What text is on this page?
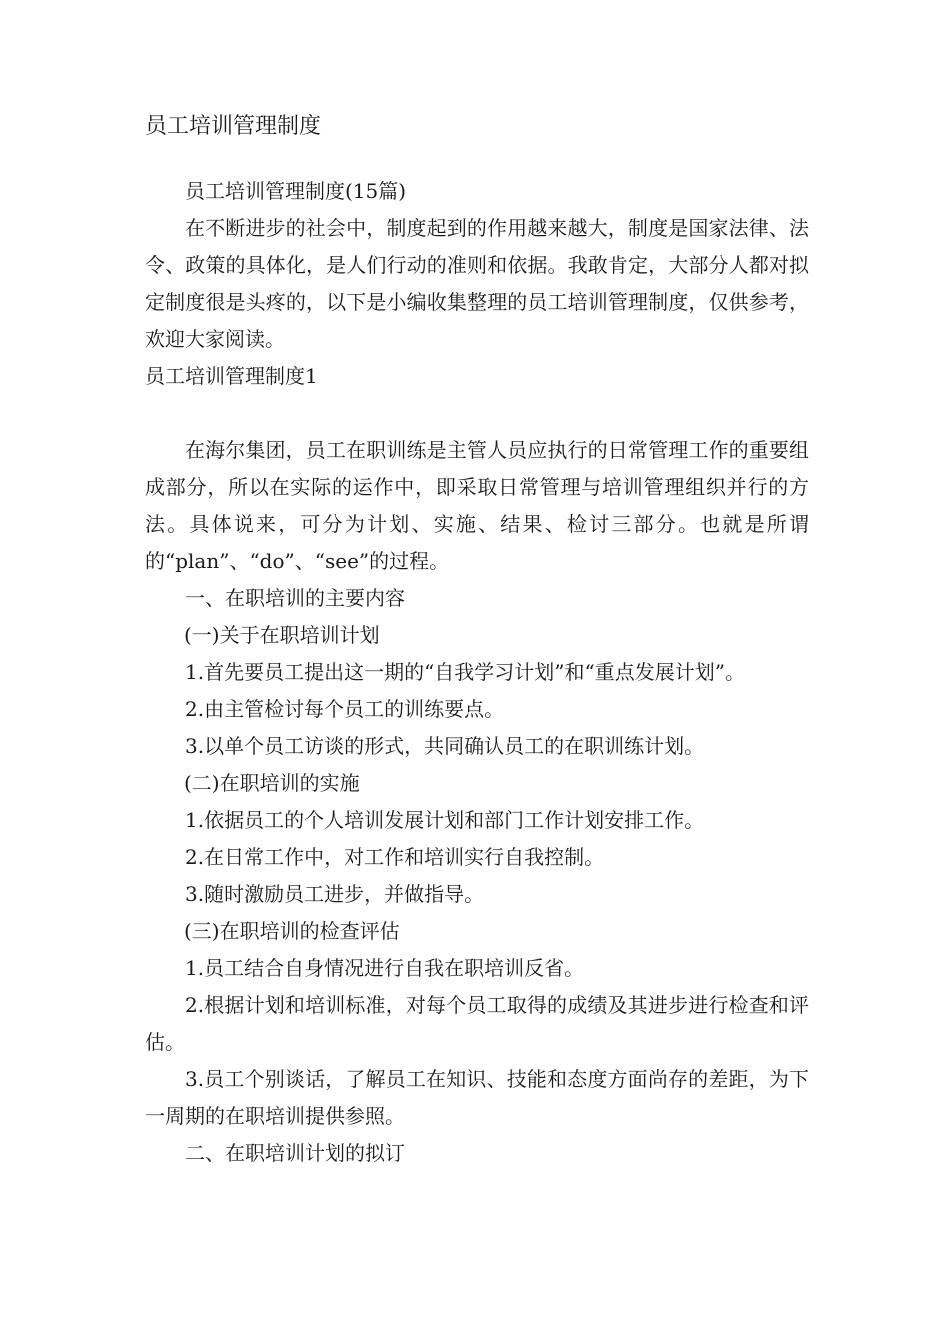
员工培训管理制度

员工培训管理制度(15篇)

在不断进步的社会中，制度起到的作用越来越大，制度是国家法律、法令、政策的具体化，是人们行动的准则和依据。我敢肯定，大部分人都对拟定制度很是头疼的，以下是小编收集整理的员工培训管理制度，仅供参考，欢迎大家阅读。

员工培训管理制度1

在海尔集团，员工在职训练是主管人员应执行的日常管理工作的重要组成部分，所以在实际的运作中，即采取日常管理与培训管理组织并行的方法。具体说来，可分为计划、实施、结果、检讨三部分。也就是所谓的“plan”、“do”、“see”的过程。

一、在职培训的主要内容

(一)关于在职培训计划

1.首先要员工提出这一期的“自我学习计划”和“重点发展计划”。

2.由主管检讨每个员工的训练要点。

3.以单个员工访谈的形式，共同确认员工的在职训练计划。

(二)在职培训的实施

1.依据员工的个人培训发展计划和部门工作计划安排工作。

2.在日常工作中，对工作和培训实行自我控制。

3.随时激励员工进步，并做指导。

(三)在职培训的检查评估

1.员工结合自身情况进行自我在职培训反省。

2.根据计划和培训标准，对每个员工取得的成绩及其进步进行检查和评估。

3.员工个别谈话，了解员工在知识、技能和态度方面尚存的差距，为下一周期的在职培训提供参照。

二、在职培训计划的拟订
